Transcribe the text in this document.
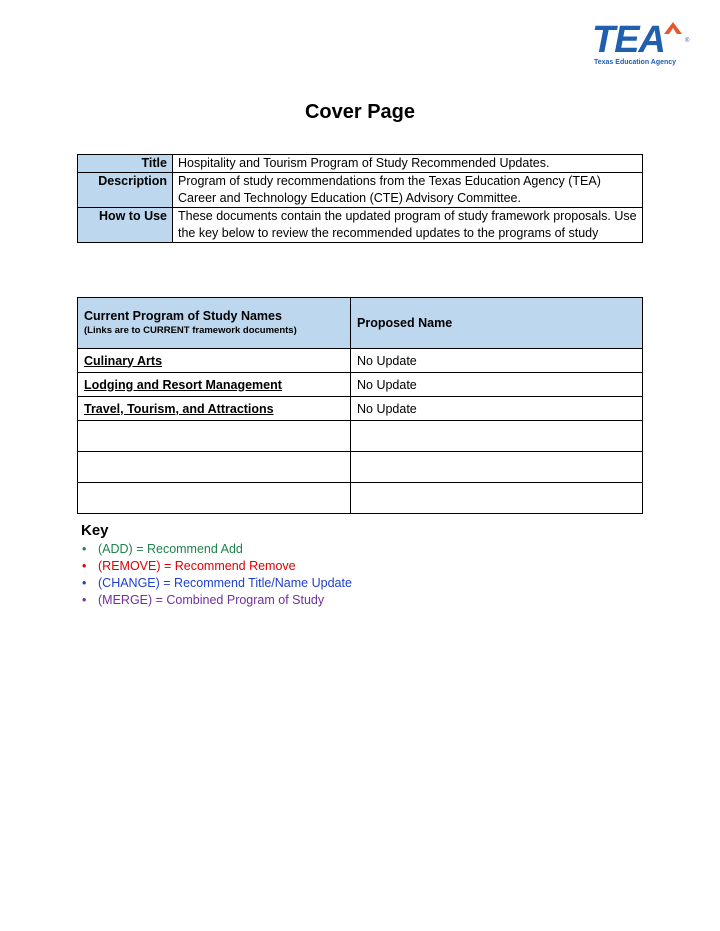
TEA	®
Texas Education Agency
Cover Page
Title	Hospitality and Tourism Program of Study Recommended Updates.
Description	Program of study recommendations from the Texas Education Agency (TEA) Career and Technology Education (CTE) Advisory Committee.
How to Use	These documents contain the updated program of study framework proposals. Use the key below to review the recommended updates to the programs of study
Current Program of Study Names
(Links are to CURRENT framework documents)	Proposed Name
Culinary Arts	No Update
Lodging and Resort Management	No Update
Travel, Tourism, and Attractions	No Update

Key
• (ADD) = Recommend Add
• (REMOVE) = Recommend Remove
• (CHANGE) = Recommend Title/Name Update
• (MERGE) = Combined Program of Study
